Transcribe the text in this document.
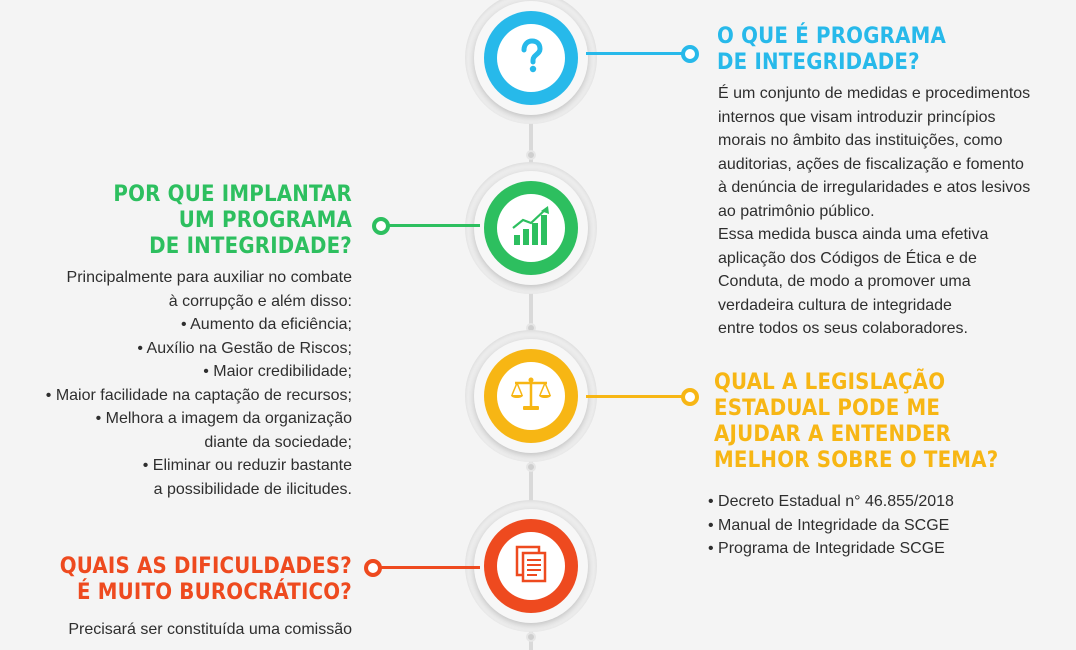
O QUE É PROGRAMA
DE INTEGRIDADE?
É um conjunto de medidas e procedimentos
internos que visam introduzir princípios
morais no âmbito das instituições, como
auditorias, ações de fiscalização e fomento
à denúncia de irregularidades e atos lesivos
ao patrimônio público.
Essa medida busca ainda uma efetiva
aplicação dos Códigos de Ética e de
Conduta, de modo a promover uma
verdadeira cultura de integridade
entre todos os seus colaboradores.
POR QUE IMPLANTAR
UM PROGRAMA
DE INTEGRIDADE?
Principalmente para auxiliar no combate
à corrupção e além disso:
• Aumento da eficiência;
• Auxílio na Gestão de Riscos;
• Maior credibilidade;
• Maior facilidade na captação de recursos;
• Melhora a imagem da organização
diante da sociedade;
• Eliminar ou reduzir bastante
a possibilidade de ilicitudes.
QUAL A LEGISLAÇÃO
ESTADUAL PODE ME
AJUDAR A ENTENDER
MELHOR SOBRE O TEMA?
• Decreto Estadual n° 46.855/2018
• Manual de Integridade da SCGE
• Programa de Integridade SCGE
QUAIS AS DIFICULDADES?
É MUITO BUROCRÁTICO?
Precisará ser constituída uma comissão
